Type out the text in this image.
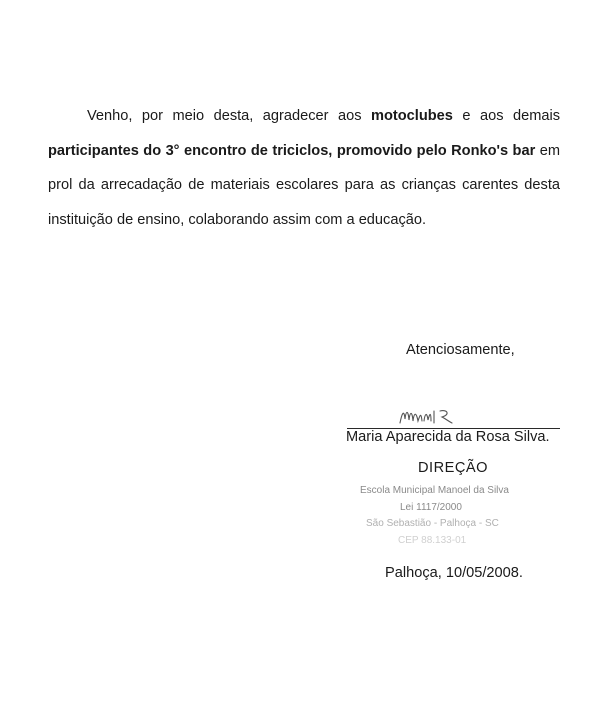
Venho, por meio desta, agradecer aos motoclubes e aos demais participantes do 3° encontro de triciclos, promovido pelo Ronko's bar em prol da arrecadação de materiais escolares para as crianças carentes desta instituição de ensino, colaborando assim com a educação.

Atenciosamente,
Maria Aparecida da Rosa Silva.
DIREÇÃO
Escola Municipal Manoel da Silva
Lei 1117/2000
São Sebastião - Palhoça - SC
CEP 88.133-01
Palhoça, 10/05/2008.
